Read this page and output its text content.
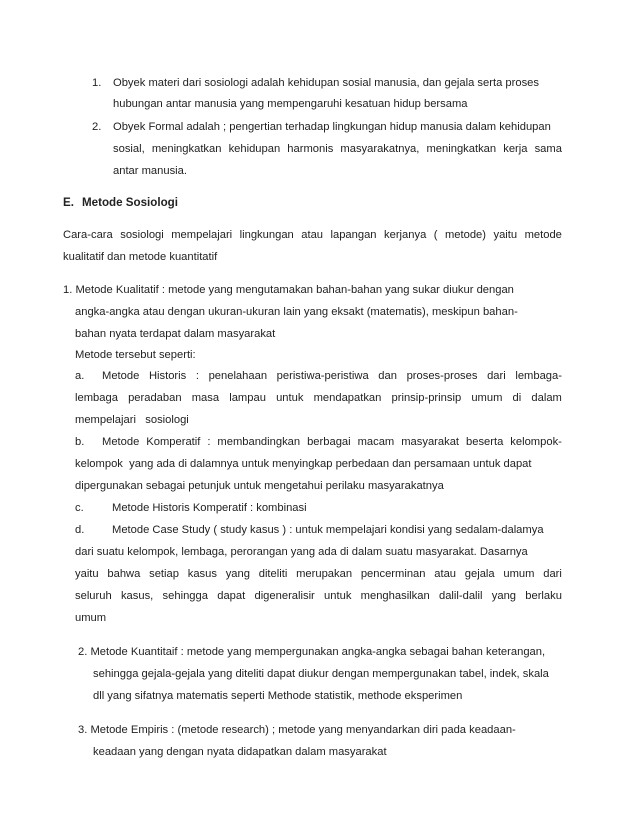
1. Obyek materi dari sosiologi adalah kehidupan sosial manusia, dan gejala serta proses
hubungan antar manusia yang mempengaruhi kesatuan hidup bersama
2. Obyek Formal adalah ; pengertian terhadap lingkungan hidup manusia dalam kehidupan
sosial, meningkatkan kehidupan harmonis masyarakatnya, meningkatkan kerja sama
antar manusia.
E. Metode Sosiologi
Cara-cara sosiologi mempelajari lingkungan atau lapangan kerjanya ( metode) yaitu metode
kualitatif dan metode kuantitatif
1. Metode Kualitatif : metode yang mengutamakan bahan-bahan yang sukar diukur dengan
angka-angka atau dengan ukuran-ukuran lain yang eksakt (matematis), meskipun bahan-
bahan nyata terdapat dalam masyarakat
Metode tersebut seperti:
a. Metode Historis : penelahaan peristiwa-peristiwa dan proses-proses dari lembaga-
lembaga peradaban masa lampau untuk mendapatkan prinsip-prinsip umum di dalam
mempelajari   sosiologi
b. Metode Komperatif : membandingkan berbagai macam masyarakat beserta kelompok-
kelompok  yang ada di dalamnya untuk menyingkap perbedaan dan persamaan untuk dapat
dipergunakan sebagai petunjuk untuk mengetahui perilaku masyarakatnya
c.	Metode Historis Komperatif : kombinasi
d. Metode Case Study ( study kasus ) : untuk mempelajari kondisi yang sedalam-dalamya
dari suatu kelompok, lembaga, perorangan yang ada di dalam suatu masyarakat. Dasarnya
yaitu bahwa setiap kasus yang diteliti merupakan pencerminan atau gejala umum dari
seluruh kasus, sehingga dapat digeneralisir untuk menghasilkan dalil-dalil yang berlaku
umum
2. Metode Kuantitaif : metode yang mempergunakan angka-angka sebagai bahan keterangan,
sehingga gejala-gejala yang diteliti dapat diukur dengan mempergunakan tabel, indek, skala
dll yang sifatnya matematis seperti Methode statistik, methode eksperimen
3. Metode Empiris : (metode research) ; metode yang menyandarkan diri pada keadaan-
keadaan yang dengan nyata didapatkan dalam masyarakat
